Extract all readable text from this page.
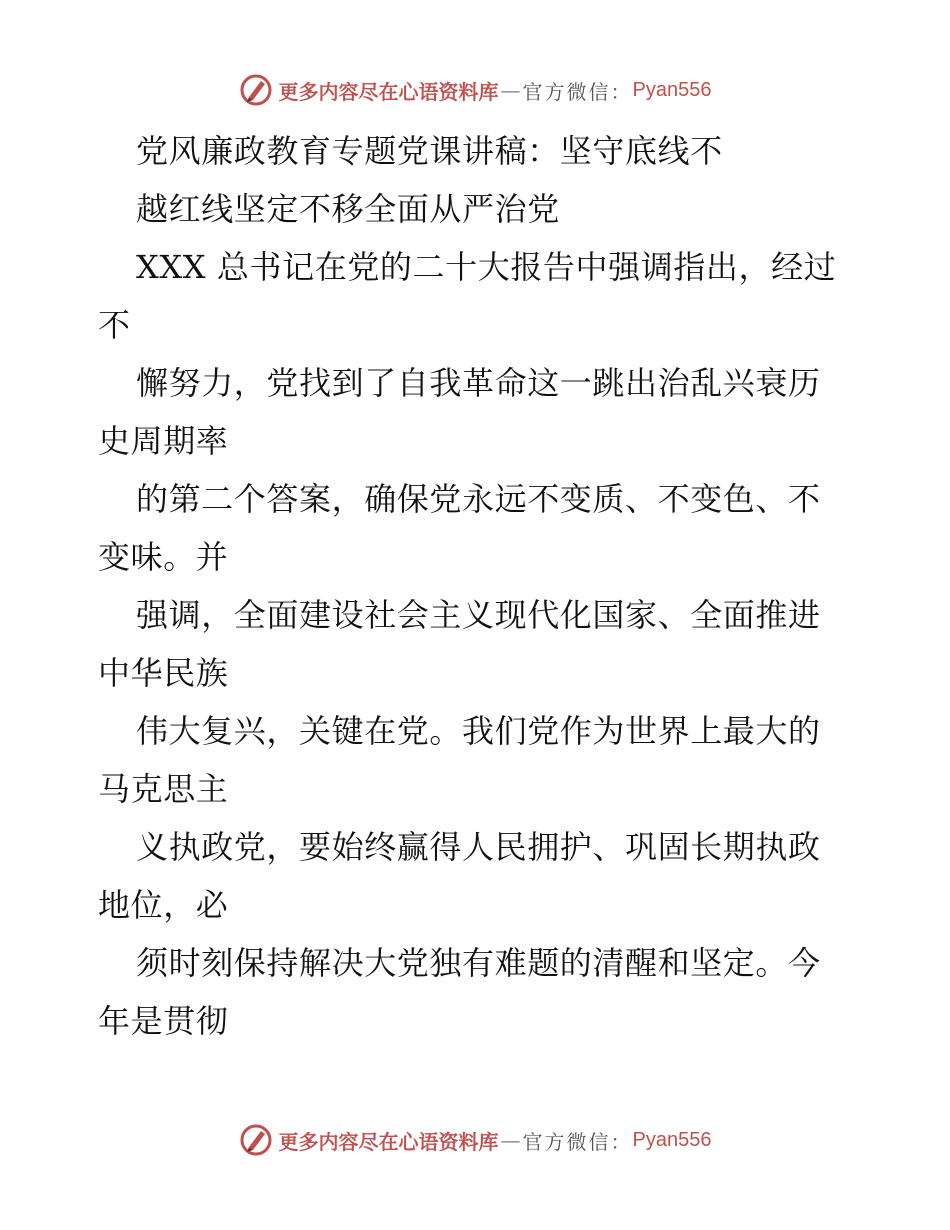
更多内容尽在心语资料库 — 官方微信： Pyan556
党风廉政教育专题党课讲稿：坚守底线不
越红线坚定不移全面从严治党
XXX 总书记在党的二十大报告中强调指出，经过
不
懈努力，党找到了自我革命这一跳出治乱兴衰历
史周期率
的第二个答案，确保党永远不变质、不变色、不
变味。并
强调，全面建设社会主义现代化国家、全面推进
中华民族
伟大复兴，关键在党。我们党作为世界上最大的
马克思主
义执政党，要始终赢得人民拥护、巩固长期执政
地位，必
须时刻保持解决大党独有难题的清醒和坚定。今
年是贯彻
更多内容尽在心语资料库 — 官方微信： Pyan556
